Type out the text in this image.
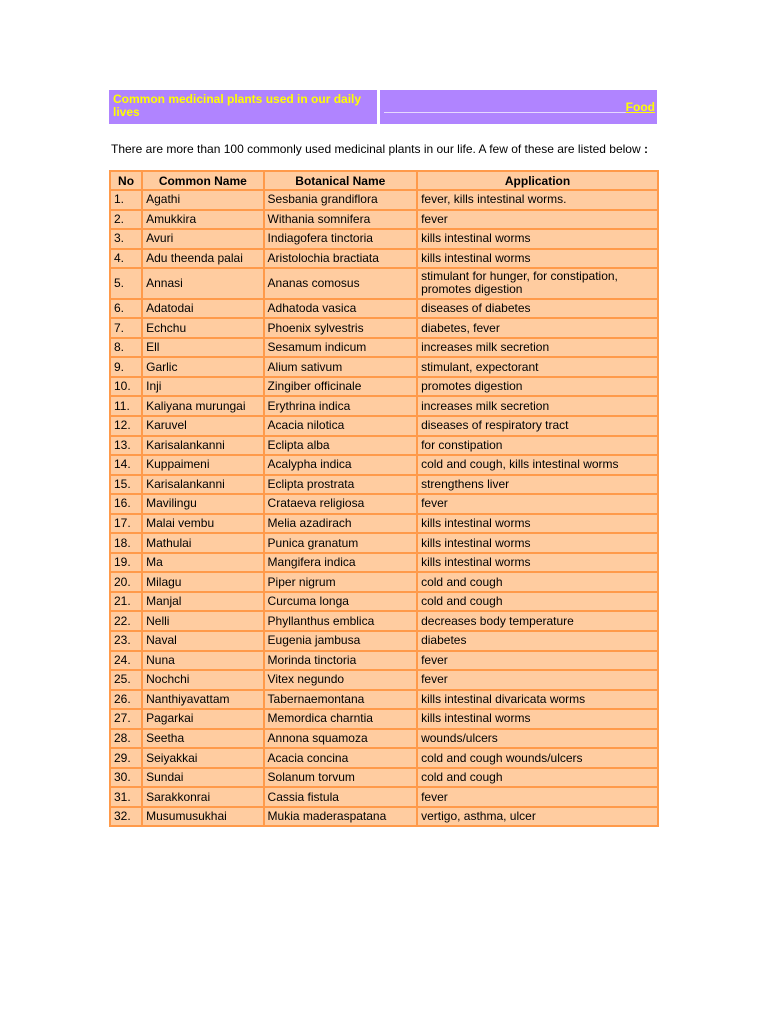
Common medicinal plants used in our daily lives	Food
There are more than 100 commonly used medicinal plants in our life. A few of these are listed below :
No	Common Name	Botanical Name	Application
1.	Agathi	Sesbania grandiflora	fever, kills intestinal worms.
2.	Amukkira	Withania somnifera	fever
3.	Avuri	Indiagofera tinctoria	kills intestinal worms
4.	Adu theenda palai	Aristolochia bractiata	kills intestinal worms
5.	Annasi	Ananas comosus	stimulant for hunger, for constipation, promotes digestion
6.	Adatodai	Adhatoda vasica	diseases of diabetes
7.	Echchu	Phoenix sylvestris	diabetes, fever
8.	Ell	Sesamum indicum	increases milk secretion
9.	Garlic	Alium sativum	stimulant, expectorant
10.	Inji	Zingiber officinale	promotes digestion
11.	Kaliyana murungai	Erythrina indica	increases milk secretion
12.	Karuvel	Acacia nilotica	diseases of respiratory tract
13.	Karisalankanni	Eclipta alba	for constipation
14.	Kuppaimeni	Acalypha indica	cold and cough, kills intestinal worms
15.	Karisalankanni	Eclipta prostrata	strengthens liver
16.	Mavilingu	Crataeva religiosa	fever
17.	Malai vembu	Melia azadirach	kills intestinal worms
18.	Mathulai	Punica granatum	kills intestinal worms
19.	Ma	Mangifera indica	kills intestinal worms
20.	Milagu	Piper nigrum	cold and cough
21.	Manjal	Curcuma longa	cold and cough
22.	Nelli	Phyllanthus emblica	decreases body temperature
23.	Naval	Eugenia jambusa	diabetes
24.	Nuna	Morinda tinctoria	fever
25.	Nochchi	Vitex negundo	fever
26.	Nanthiyavattam	Tabernaemontana	kills intestinal divaricata worms
27.	Pagarkai	Memordica charntia	kills intestinal worms
28.	Seetha	Annona squamoza	wounds/ulcers
29.	Seiyakkai	Acacia concina	cold and cough wounds/ulcers
30.	Sundai	Solanum torvum	cold and cough
31.	Sarakkonrai	Cassia fistula	fever
32.	Musumusukhai	Mukia maderaspatana	vertigo, asthma, ulcer
